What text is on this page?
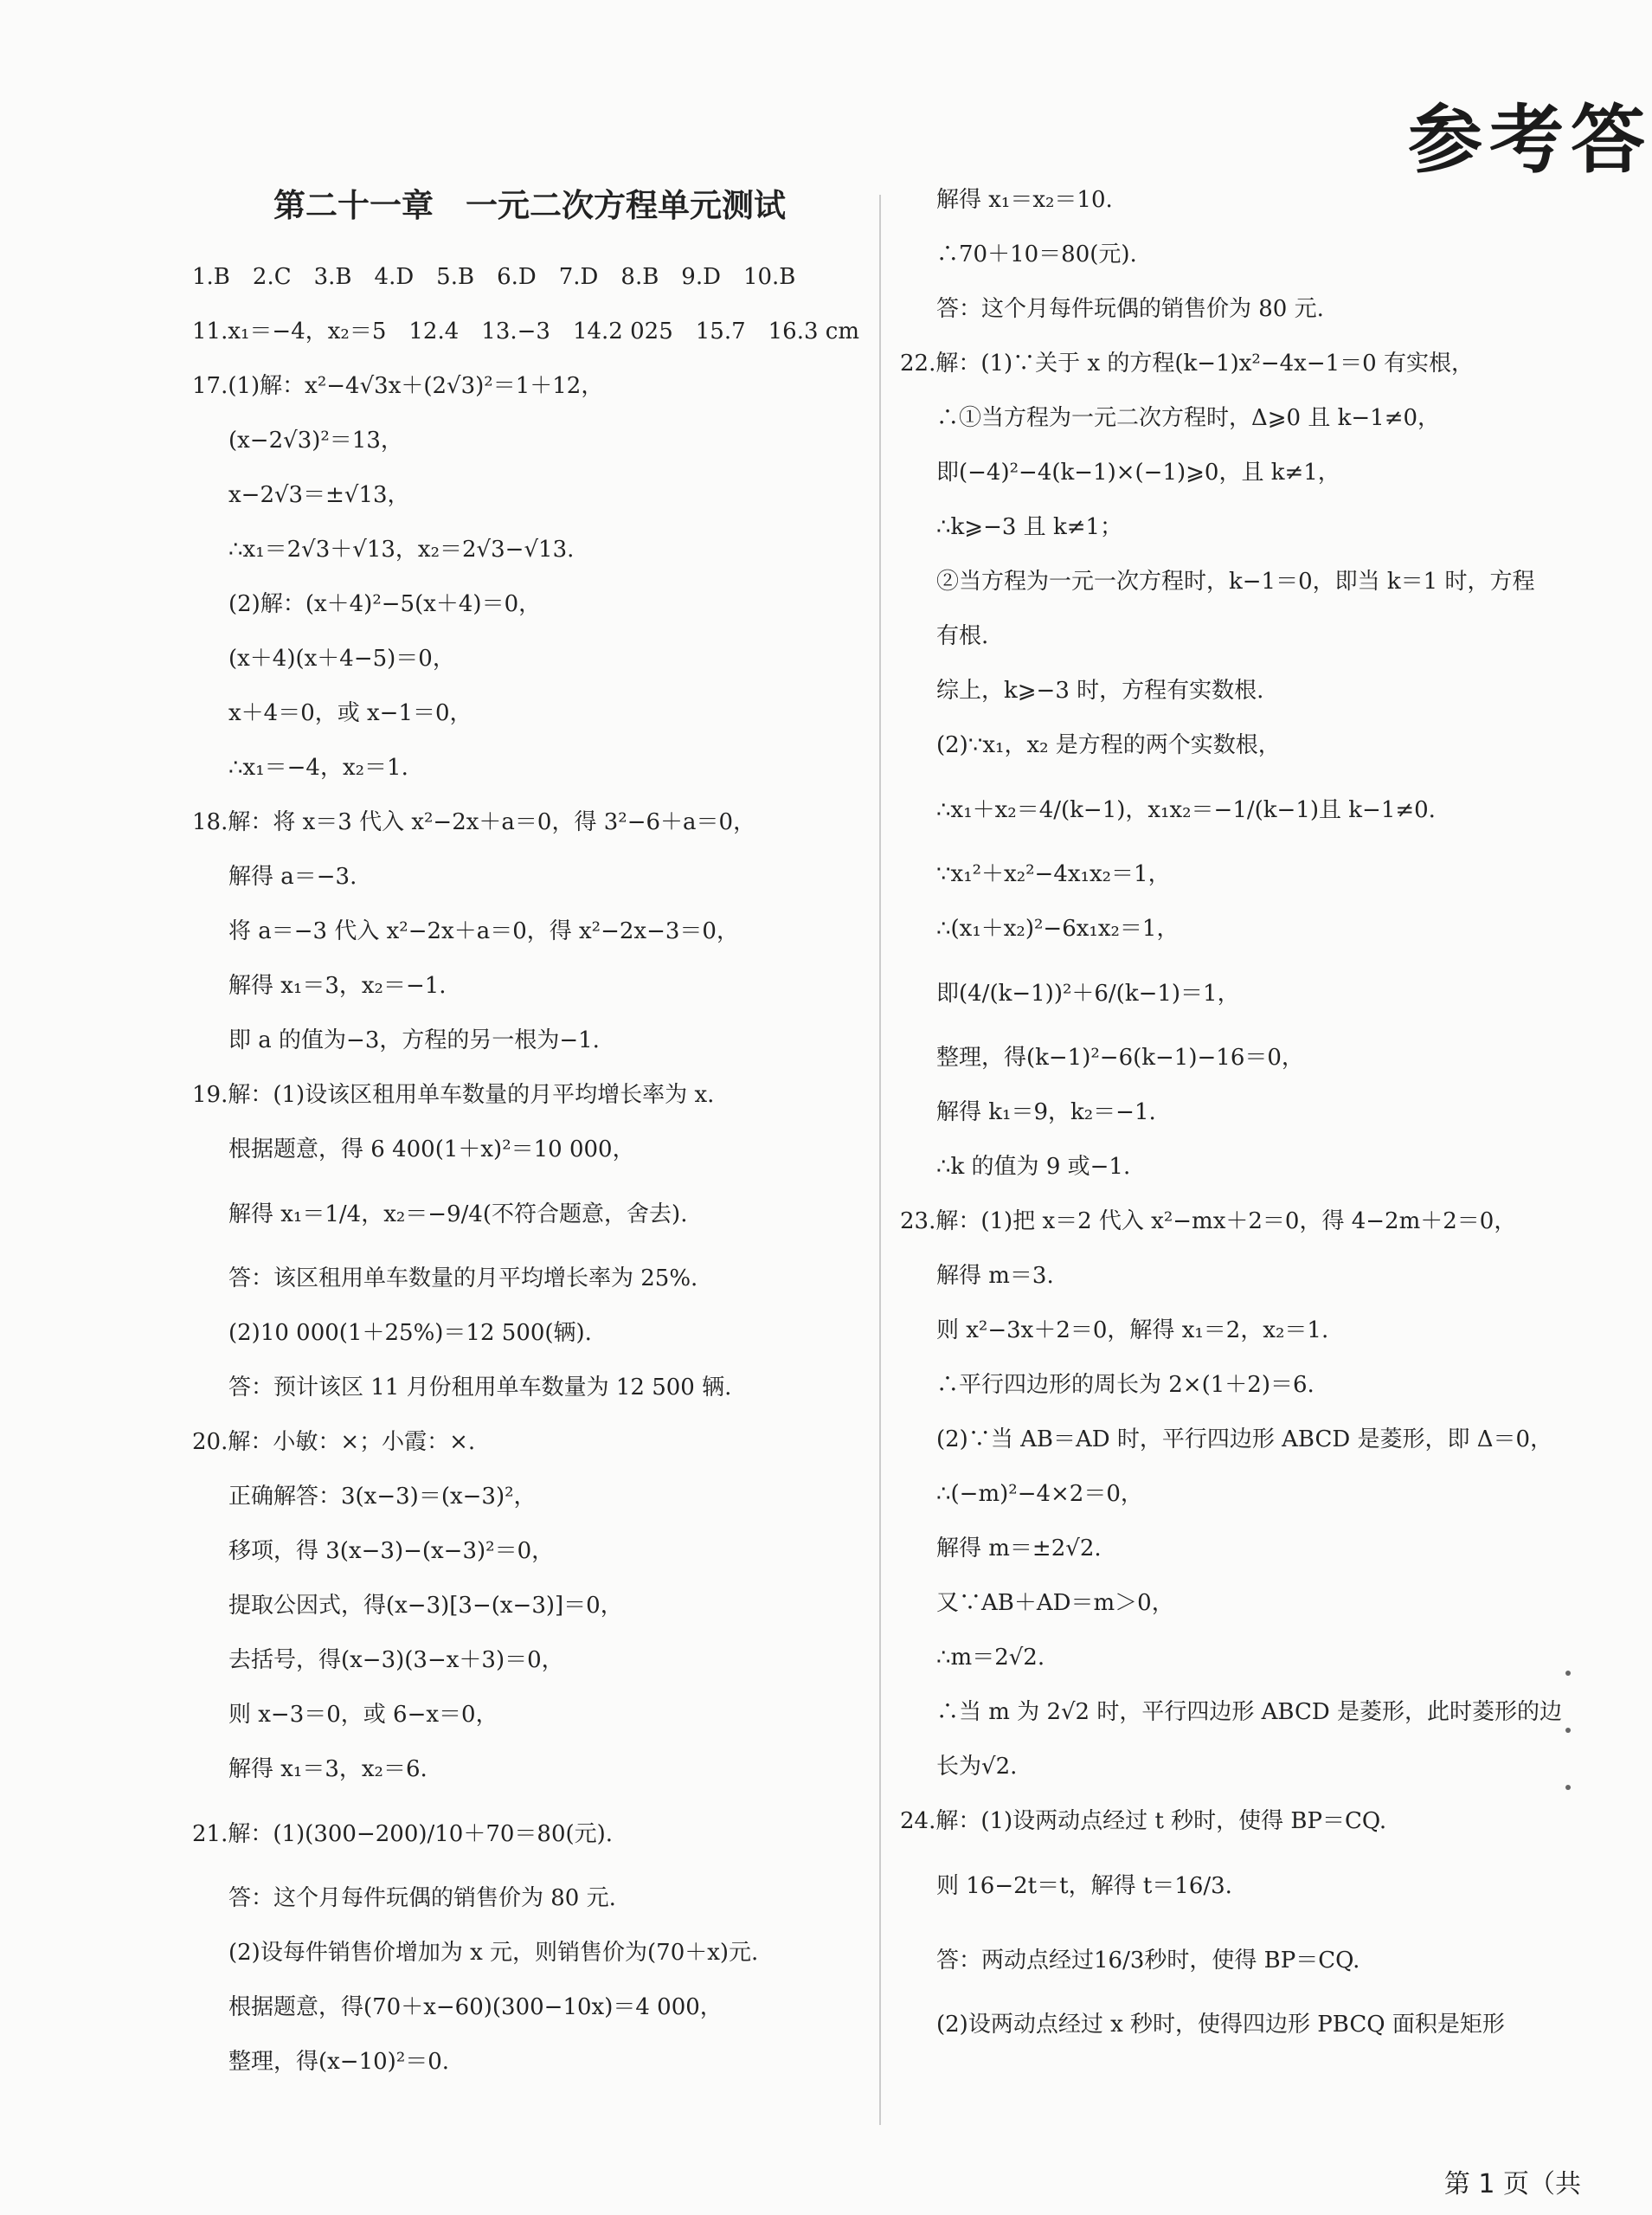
参考答
第二十一章　一元二次方程单元测试
1.B　2.C　3.B　4.D　5.B　6.D　7.D　8.B　9.D　10.B
11.x₁＝−4，x₂＝5　12.4　13.−3　14.2 025　15.7　16.3 cm
17.(1)解：x²−4√3x＋(2√3)²＝1＋12，
(x−2√3)²＝13，
x−2√3＝±√13，
∴x₁＝2√3＋√13，x₂＝2√3−√13.
(2)解：(x＋4)²−5(x＋4)＝0，
(x＋4)(x＋4−5)＝0，
x＋4＝0，或 x−1＝0，
∴x₁＝−4，x₂＝1.
18.解：将 x＝3 代入 x²−2x＋a＝0，得 3²−6＋a＝0，
解得 a＝−3.
将 a＝−3 代入 x²−2x＋a＝0，得 x²−2x−3＝0，
解得 x₁＝3，x₂＝−1.
即 a 的值为−3，方程的另一根为−1.
19.解：(1)设该区租用单车数量的月平均增长率为 x.
根据题意，得 6 400(1＋x)²＝10 000，
解得 x₁＝1/4，x₂＝−9/4(不符合题意，舍去).
答：该区租用单车数量的月平均增长率为 25%.
(2)10 000(1＋25%)＝12 500(辆).
答：预计该区 11 月份租用单车数量为 12 500 辆.
20.解：小敏：×；小霞：×.
正确解答：3(x−3)＝(x−3)²，
移项，得 3(x−3)−(x−3)²＝0，
提取公因式，得(x−3)[3−(x−3)]＝0，
去括号，得(x−3)(3−x＋3)＝0，
则 x−3＝0，或 6−x＝0，
解得 x₁＝3，x₂＝6.
21.解：(1)(300−200)/10＋70＝80(元).
答：这个月每件玩偶的销售价为 80 元.
(2)设每件销售价增加为 x 元，则销售价为(70＋x)元.
根据题意，得(70＋x−60)(300−10x)＝4 000，
整理，得(x−10)²＝0.
解得 x₁＝x₂＝10.
∴70＋10＝80(元).
答：这个月每件玩偶的销售价为 80 元.
22.解：(1)∵关于 x 的方程(k−1)x²−4x−1＝0 有实根，
∴①当方程为一元二次方程时，Δ⩾0 且 k−1≠0，
即(−4)²−4(k−1)×(−1)⩾0，且 k≠1，
∴k⩾−3 且 k≠1；
②当方程为一元一次方程时，k−1＝0，即当 k＝1 时，方程
有根.
综上，k⩾−3 时，方程有实数根.
(2)∵x₁，x₂ 是方程的两个实数根，
∴x₁＋x₂＝4/(k−1)，x₁x₂＝−1/(k−1)且 k−1≠0.
∵x₁²＋x₂²−4x₁x₂＝1，
∴(x₁＋x₂)²−6x₁x₂＝1，
即(4/(k−1))²＋6/(k−1)＝1，
整理，得(k−1)²−6(k−1)−16＝0，
解得 k₁＝9，k₂＝−1.
∴k 的值为 9 或−1.
23.解：(1)把 x＝2 代入 x²−mx＋2＝0，得 4−2m＋2＝0，
解得 m＝3.
则 x²−3x＋2＝0，解得 x₁＝2，x₂＝1.
∴平行四边形的周长为 2×(1＋2)＝6.
(2)∵当 AB＝AD 时，平行四边形 ABCD 是菱形，即 Δ＝0，
∴(−m)²−4×2＝0，
解得 m＝±2√2.
又∵AB＋AD＝m＞0，
∴m＝2√2.
∴当 m 为 2√2 时，平行四边形 ABCD 是菱形，此时菱形的边
长为√2.
24.解：(1)设两动点经过 t 秒时，使得 BP＝CQ.
则 16−2t＝t，解得 t＝16/3.
答：两动点经过16/3秒时，使得 BP＝CQ.
(2)设两动点经过 x 秒时，使得四边形 PBCQ 面积是矩形
第 1 页（共
